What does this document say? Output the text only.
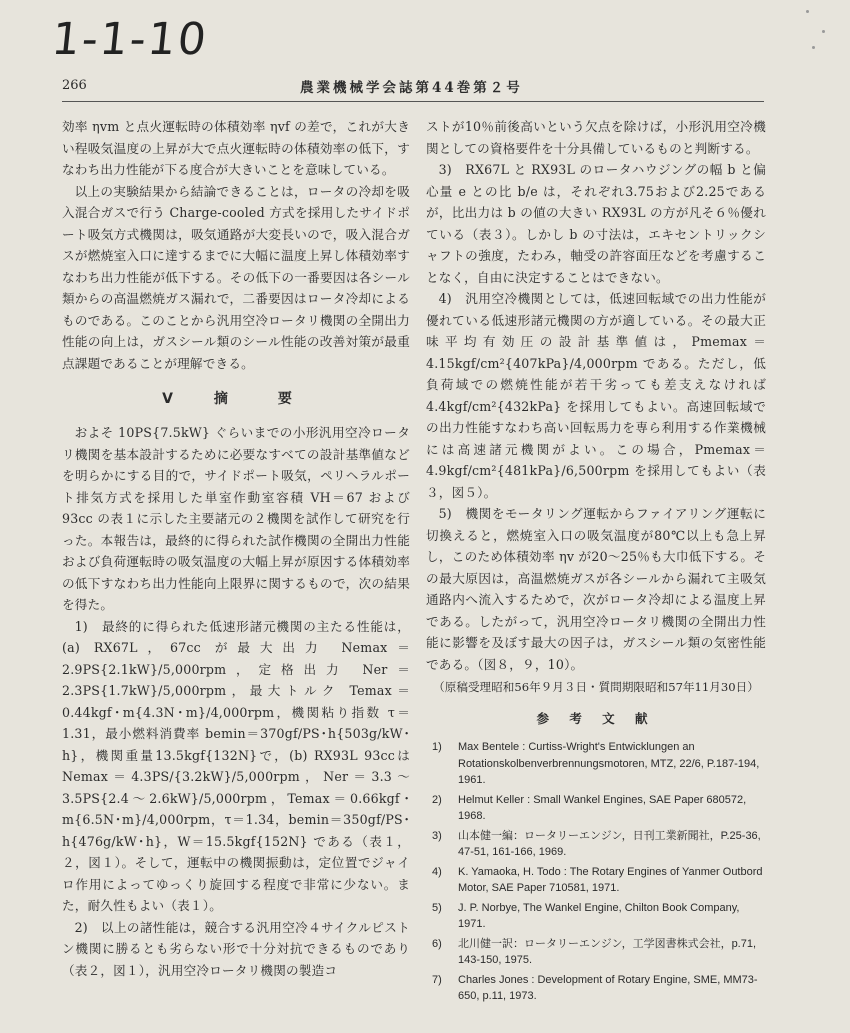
1-1-10
266	農業機械学会誌第44巻第２号

効率 ηvm と点火運転時の体積効率 ηvf の差で，これが大きい程吸気温度の上昇が大で点火運転時の体積効率の低下，すなわち出力性能が下る度合が大きいことを意味している。

以上の実験結果から結論できることは，ロータの冷却を吸入混合ガスで行う Charge-cooled 方式を採用したサイドポート吸気方式機関は，吸気通路が大変長いので，吸入混合ガスが燃焼室入口に達するまでに大幅に温度上昇し体積効率すなわち出力性能が低下する。その低下の一番要因は各シール類からの高温燃焼ガス漏れで，二番要因はロータ冷却によるものである。このことから汎用空冷ロータリ機関の全開出力性能の向上は，ガスシール類のシール性能の改善対策が最重点課題であることが理解できる。

Ⅴ 摘　要

およそ 10PS{7.5kW} ぐらいまでの小形汎用空冷ロータリ機関を基本設計するために必要なすべての設計基準値などを明らかにする目的で，サイドポート吸気，ペリヘラルポート排気方式を採用した単室作動室容積 VH＝67 および 93cc の表１に示した主要諸元の２機関を試作して研究を行った。本報告は，最終的に得られた試作機関の全開出力性能および負荷運転時の吸気温度の大幅上昇が原因する体積効率の低下すなわち出力性能向上限界に関するもので，次の結果を得た。

1)　最終的に得られた低速形諸元機関の主たる性能は，(a) RX67L，67cc が最大出力 Nemax＝2.9PS{2.1kW}/5,000rpm，定格出力 Ner＝2.3PS{1.7kW}/5,000rpm，最大トルク Temax＝0.44kgf･m{4.3N･m}/4,000rpm，機関粘り指数 τ＝1.31，最小燃料消費率 bemin＝370gf/PS･h{503g/kW･h}，機関重量13.5kgf{132N}で，(b) RX93L 93ccは Nemax＝4.3PS/{3.2kW}/5,000rpm，Ner＝3.3～3.5PS{2.4～2.6kW}/5,000rpm，Temax＝0.66kgf･m{6.5N･m}/4,000rpm，τ＝1.34，bemin＝350gf/PS･h{476g/kW･h}，W＝15.5kgf{152N} である（表１，２，図１）。そして，運転中の機関振動は，定位置でジャイロ作用によってゆっくり旋回する程度で非常に少ない。また，耐久性もよい（表１）。

2)　以上の諸性能は，競合する汎用空冷４サイクルピストン機関に勝るとも劣らない形で十分対抗できるものであり（表２，図１），汎用空冷ロータリ機関の製造コ

ストが10％前後高いという欠点を除けば，小形汎用空冷機関としての資格要件を十分具備しているものと判断する。

3)　RX67L と RX93L のロータハウジングの幅 b と偏心量 e との比 b/e は，それぞれ3.75および2.25であるが，比出力は b の値の大きい RX93L の方が凡そ６％優れている（表３）。しかし b の寸法は，エキセントリックシャフトの強度，たわみ，軸受の許容面圧などを考慮することなく，自由に決定することはできない。

4)　汎用空冷機関としては，低速回転域での出力性能が優れている低速形諸元機関の方が適している。その最大正味平均有効圧の設計基準値は，Pmemax＝4.15kgf/cm²{407kPa}/4,000rpm である。ただし，低負荷域での燃焼性能が若干劣っても差支えなければ4.4kgf/cm²{432kPa} を採用してもよい。高速回転域での出力性能すなわち高い回転馬力を専ら利用する作業機械には高速諸元機関がよい。この場合，Pmemax＝4.9kgf/cm²{481kPa}/6,500rpm を採用してもよい（表３，図５）。

5)　機関をモータリング運転からファイアリング運転に切換えると，燃焼室入口の吸気温度が80℃以上も急上昇し，このため体積効率 ηv が20～25％も大巾低下する。その最大原因は，高温燃焼ガスが各シールから漏れて主吸気通路内へ流入するためで，次がロータ冷却による温度上昇である。したがって，汎用空冷ロータリ機関の全開出力性能に影響を及ぼす最大の因子は，ガスシール類の気密性能である。（図８，９，10）。

（原稿受理昭和56年９月３日・質問期限昭和57年11月30日）
参 考 文 献
1)	Max Bentele : Curtiss-Wright's Entwicklungen an Rotationskolbenverbrennungsmotoren, MTZ, 22/6, P.187-194, 1961.
2)	Helmut Keller : Small Wankel Engines, SAE Paper 680572, 1968.
3)	山本健一編：ロータリーエンジン，日刊工業新聞社，P.25-36, 47-51, 161-166, 1969.
4)	K. Yamaoka, H. Todo : The Rotary Engines of Yanmer Outbord Motor, SAE Paper 710581, 1971.
5)	J. P. Norbye, The Wankel Engine, Chilton Book Company, 1971.
6)	北川健一訳：ロータリーエンジン，工学図書株式会社，p.71, 143-150, 1975.
7)	Charles Jones : Development of Rotary Engine, SME, MM73-650, p.11, 1973.
